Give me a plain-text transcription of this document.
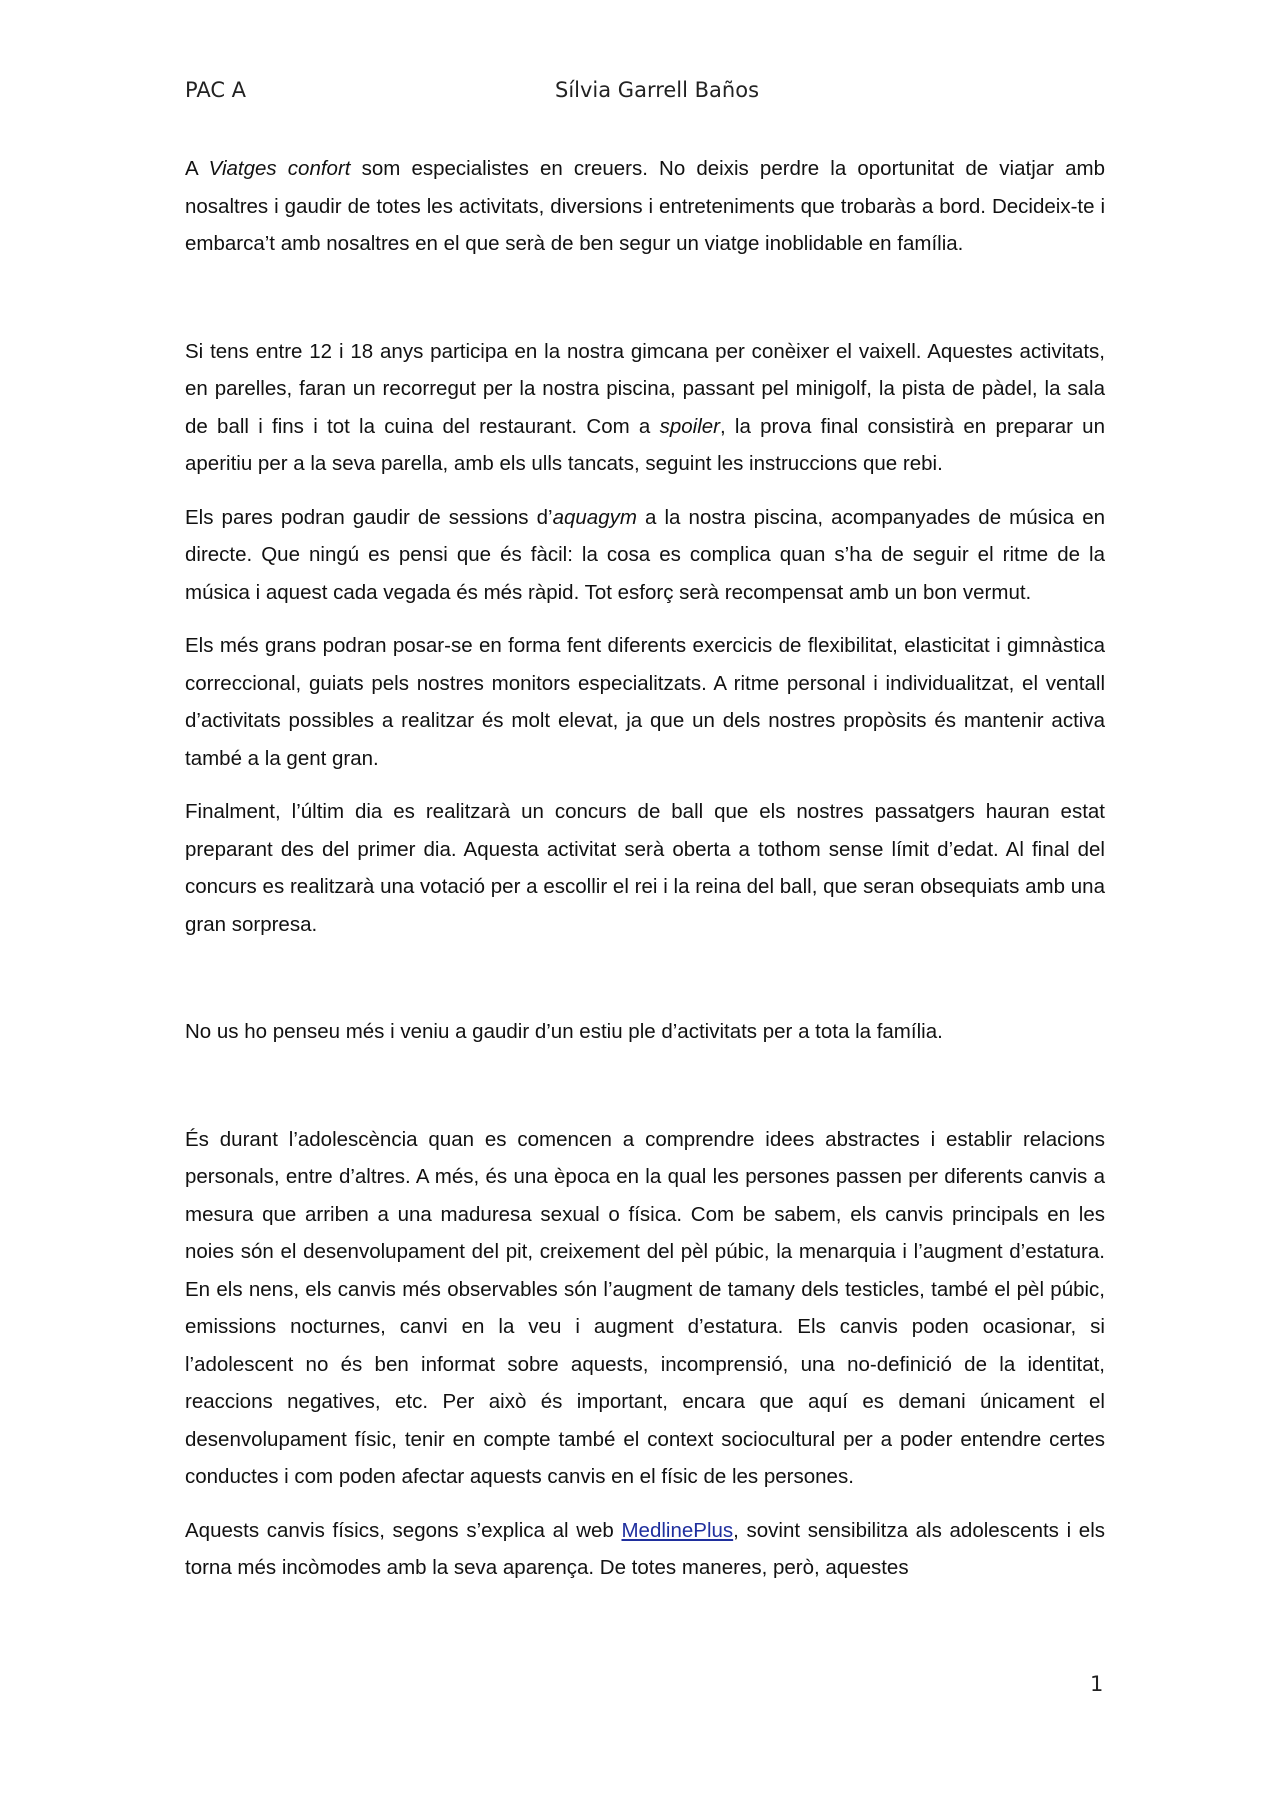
PAC A	Sílvia Garrell Baños

A Viatges confort som especialistes en creuers. No deixis perdre la oportunitat de viatjar amb nosaltres i gaudir de totes les activitats, diversions i entreteniments que trobaràs a bord. Decideix-te i embarca’t amb nosaltres en el que serà de ben segur un viatge inoblidable en família.

Si tens entre 12 i 18 anys participa en la nostra gimcana per conèixer el vaixell. Aquestes activitats, en parelles, faran un recorregut per la nostra piscina, passant pel minigolf, la pista de pàdel, la sala de ball i fins i tot la cuina del restaurant. Com a spoiler, la prova final consistirà en preparar un aperitiu per a la seva parella, amb els ulls tancats, seguint les instruccions que rebi.

Els pares podran gaudir de sessions d’aquagym a la nostra piscina, acompanyades de música en directe. Que ningú es pensi que és fàcil: la cosa es complica quan s’ha de seguir el ritme de la música i aquest cada vegada és més ràpid. Tot esforç serà recompensat amb un bon vermut.

Els més grans podran posar-se en forma fent diferents exercicis de flexibilitat, elasticitat i gimnàstica correccional, guiats pels nostres monitors especialitzats. A ritme personal i individualitzat, el ventall d’activitats possibles a realitzar és molt elevat, ja que un dels nostres propòsits és mantenir activa també a la gent gran.

Finalment, l’últim dia es realitzarà un concurs de ball que els nostres passatgers hauran estat preparant des del primer dia. Aquesta activitat serà oberta a tothom sense límit d’edat. Al final del concurs es realitzarà una votació per a escollir el rei i la reina del ball, que seran obsequiats amb una gran sorpresa.

No us ho penseu més i veniu a gaudir d’un estiu ple d’activitats per a tota la família.

És durant l’adolescència quan es comencen a comprendre idees abstractes i establir relacions personals, entre d’altres. A més, és una època en la qual les persones passen per diferents canvis a mesura que arriben a una maduresa sexual o física. Com be sabem, els canvis principals en les noies són el desenvolupament del pit, creixement del pèl púbic, la menarquia i l’augment d’estatura. En els nens, els canvis més observables són l’augment de tamany dels testicles, també el pèl púbic, emissions nocturnes, canvi en la veu i augment d’estatura. Els canvis poden ocasionar, si l’adolescent no és ben informat sobre aquests, incomprensió, una no-definició de la identitat, reaccions negatives, etc. Per això és important, encara que aquí es demani únicament el desenvolupament físic, tenir en compte també el context sociocultural per a poder entendre certes conductes i com poden afectar aquests canvis en el físic de les persones.

Aquests canvis físics, segons s’explica al web MedlinePlus, sovint sensibilitza als adolescents i els torna més incòmodes amb la seva aparença. De totes maneres, però, aquestes

1
